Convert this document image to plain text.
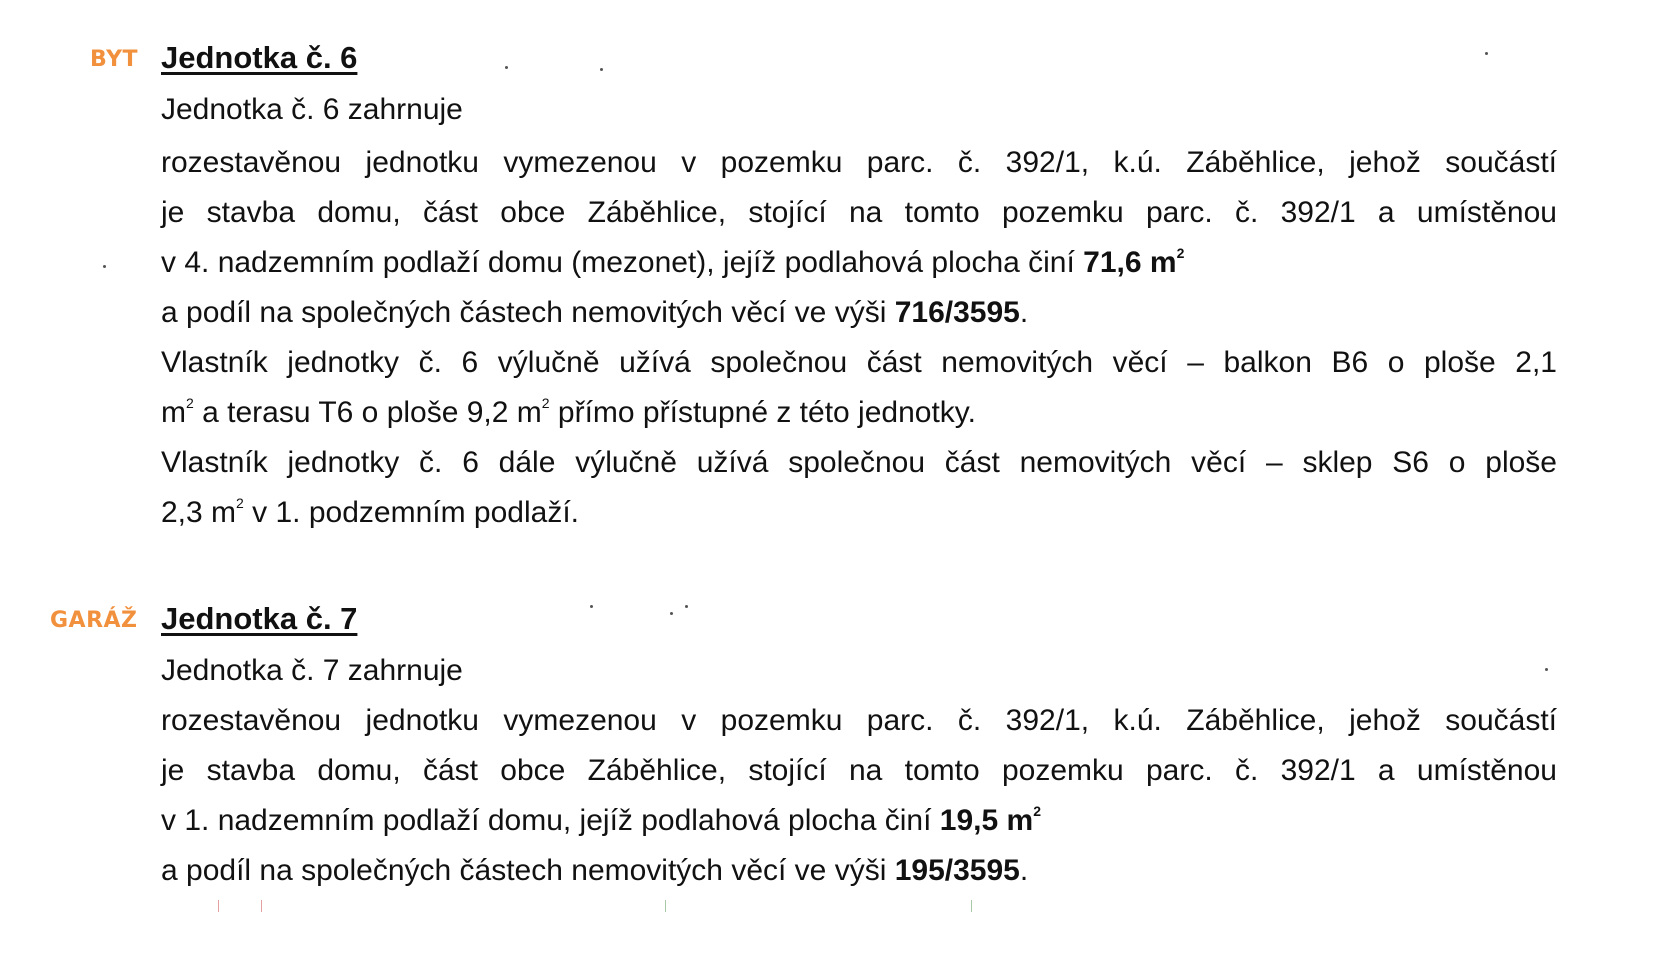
BYT Jednotka č. 6
Jednotka č. 6 zahrnuje
rozestavěnou jednotku vymezenou v pozemku parc. č. 392/1, k.ú. Záběhlice, jehož součástí
je stavba domu, část obce Záběhlice, stojící na tomto pozemku parc. č. 392/1 a umístěnou
v 4. nadzemním podlaží domu (mezonet), jejíž podlahová plocha činí 71,6 $m^2$
a podíl na společných částech nemovitých věcí ve výši 716/3595.
Vlastník jednotky č. 6 výlučně užívá společnou část nemovitých věcí – balkon B6 o ploše 2,1
$m^2$ a terasu T6 o ploše 9,2 $m^2$ přímo přístupné z této jednotky.
Vlastník jednotky č. 6 dále výlučně užívá společnou část nemovitých věcí – sklep S6 o ploše
2,3 $m^2$ v 1. podzemním podlaží.
GARÁŽ Jednotka č. 7
Jednotka č. 7 zahrnuje
rozestavěnou jednotku vymezenou v pozemku parc. č. 392/1, k.ú. Záběhlice, jehož součástí
je stavba domu, část obce Záběhlice, stojící na tomto pozemku parc. č. 392/1 a umístěnou
v 1. nadzemním podlaží domu, jejíž podlahová plocha činí 19,5 $m^2$
a podíl na společných částech nemovitých věcí ve výši 195/3595.
